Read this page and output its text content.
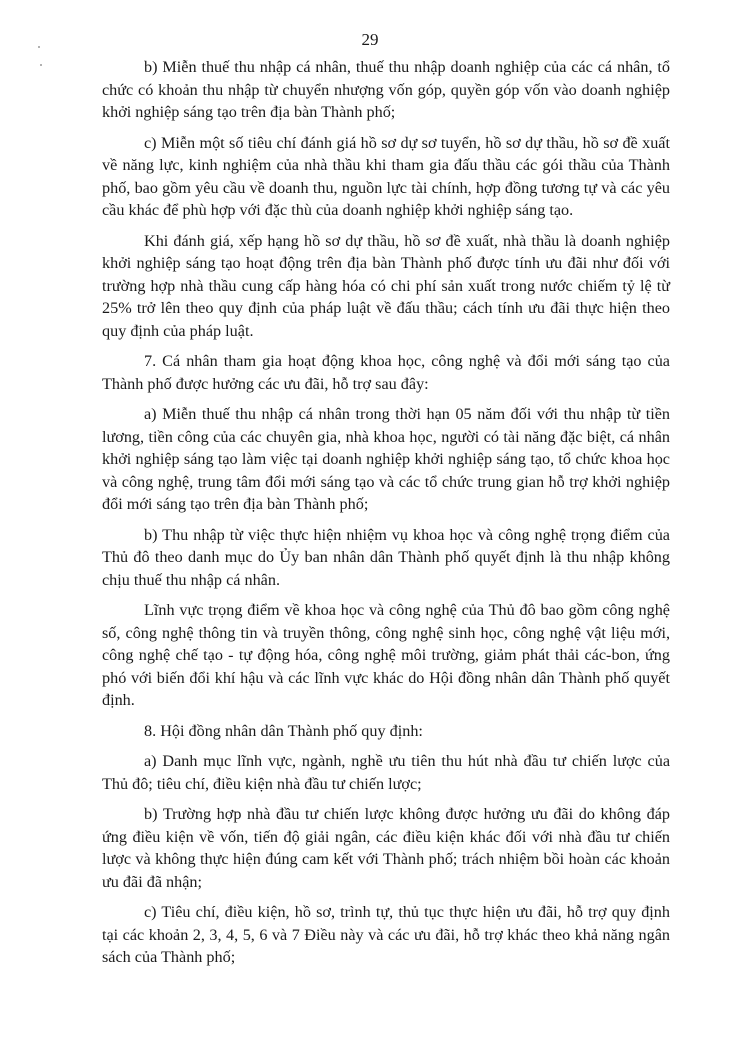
29

b) Miễn thuế thu nhập cá nhân, thuế thu nhập doanh nghiệp của các cá nhân, tổ chức có khoản thu nhập từ chuyển nhượng vốn góp, quyền góp vốn vào doanh nghiệp khởi nghiệp sáng tạo trên địa bàn Thành phố;

c) Miễn một số tiêu chí đánh giá hồ sơ dự sơ tuyển, hồ sơ dự thầu, hồ sơ đề xuất về năng lực, kinh nghiệm của nhà thầu khi tham gia đấu thầu các gói thầu của Thành phố, bao gồm yêu cầu về doanh thu, nguồn lực tài chính, hợp đồng tương tự và các yêu cầu khác để phù hợp với đặc thù của doanh nghiệp khởi nghiệp sáng tạo.

Khi đánh giá, xếp hạng hồ sơ dự thầu, hồ sơ đề xuất, nhà thầu là doanh nghiệp khởi nghiệp sáng tạo hoạt động trên địa bàn Thành phố được tính ưu đãi như đối với trường hợp nhà thầu cung cấp hàng hóa có chi phí sản xuất trong nước chiếm tỷ lệ từ 25% trở lên theo quy định của pháp luật về đấu thầu; cách tính ưu đãi thực hiện theo quy định của pháp luật.

7. Cá nhân tham gia hoạt động khoa học, công nghệ và đổi mới sáng tạo của Thành phố được hưởng các ưu đãi, hỗ trợ sau đây:

a) Miễn thuế thu nhập cá nhân trong thời hạn 05 năm đối với thu nhập từ tiền lương, tiền công của các chuyên gia, nhà khoa học, người có tài năng đặc biệt, cá nhân khởi nghiệp sáng tạo làm việc tại doanh nghiệp khởi nghiệp sáng tạo, tổ chức khoa học và công nghệ, trung tâm đổi mới sáng tạo và các tổ chức trung gian hỗ trợ khởi nghiệp đổi mới sáng tạo trên địa bàn Thành phố;

b) Thu nhập từ việc thực hiện nhiệm vụ khoa học và công nghệ trọng điểm của Thủ đô theo danh mục do Ủy ban nhân dân Thành phố quyết định là thu nhập không chịu thuế thu nhập cá nhân.

Lĩnh vực trọng điểm về khoa học và công nghệ của Thủ đô bao gồm công nghệ số, công nghệ thông tin và truyền thông, công nghệ sinh học, công nghệ vật liệu mới, công nghệ chế tạo - tự động hóa, công nghệ môi trường, giảm phát thải các-bon, ứng phó với biến đổi khí hậu và các lĩnh vực khác do Hội đồng nhân dân Thành phố quyết định.

8. Hội đồng nhân dân Thành phố quy định:

a) Danh mục lĩnh vực, ngành, nghề ưu tiên thu hút nhà đầu tư chiến lược của Thủ đô; tiêu chí, điều kiện nhà đầu tư chiến lược;

b) Trường hợp nhà đầu tư chiến lược không được hưởng ưu đãi do không đáp ứng điều kiện về vốn, tiến độ giải ngân, các điều kiện khác đối với nhà đầu tư chiến lược và không thực hiện đúng cam kết với Thành phố; trách nhiệm bồi hoàn các khoản ưu đãi đã nhận;

c) Tiêu chí, điều kiện, hồ sơ, trình tự, thủ tục thực hiện ưu đãi, hỗ trợ quy định tại các khoản 2, 3, 4, 5, 6 và 7 Điều này và các ưu đãi, hỗ trợ khác theo khả năng ngân sách của Thành phố;
